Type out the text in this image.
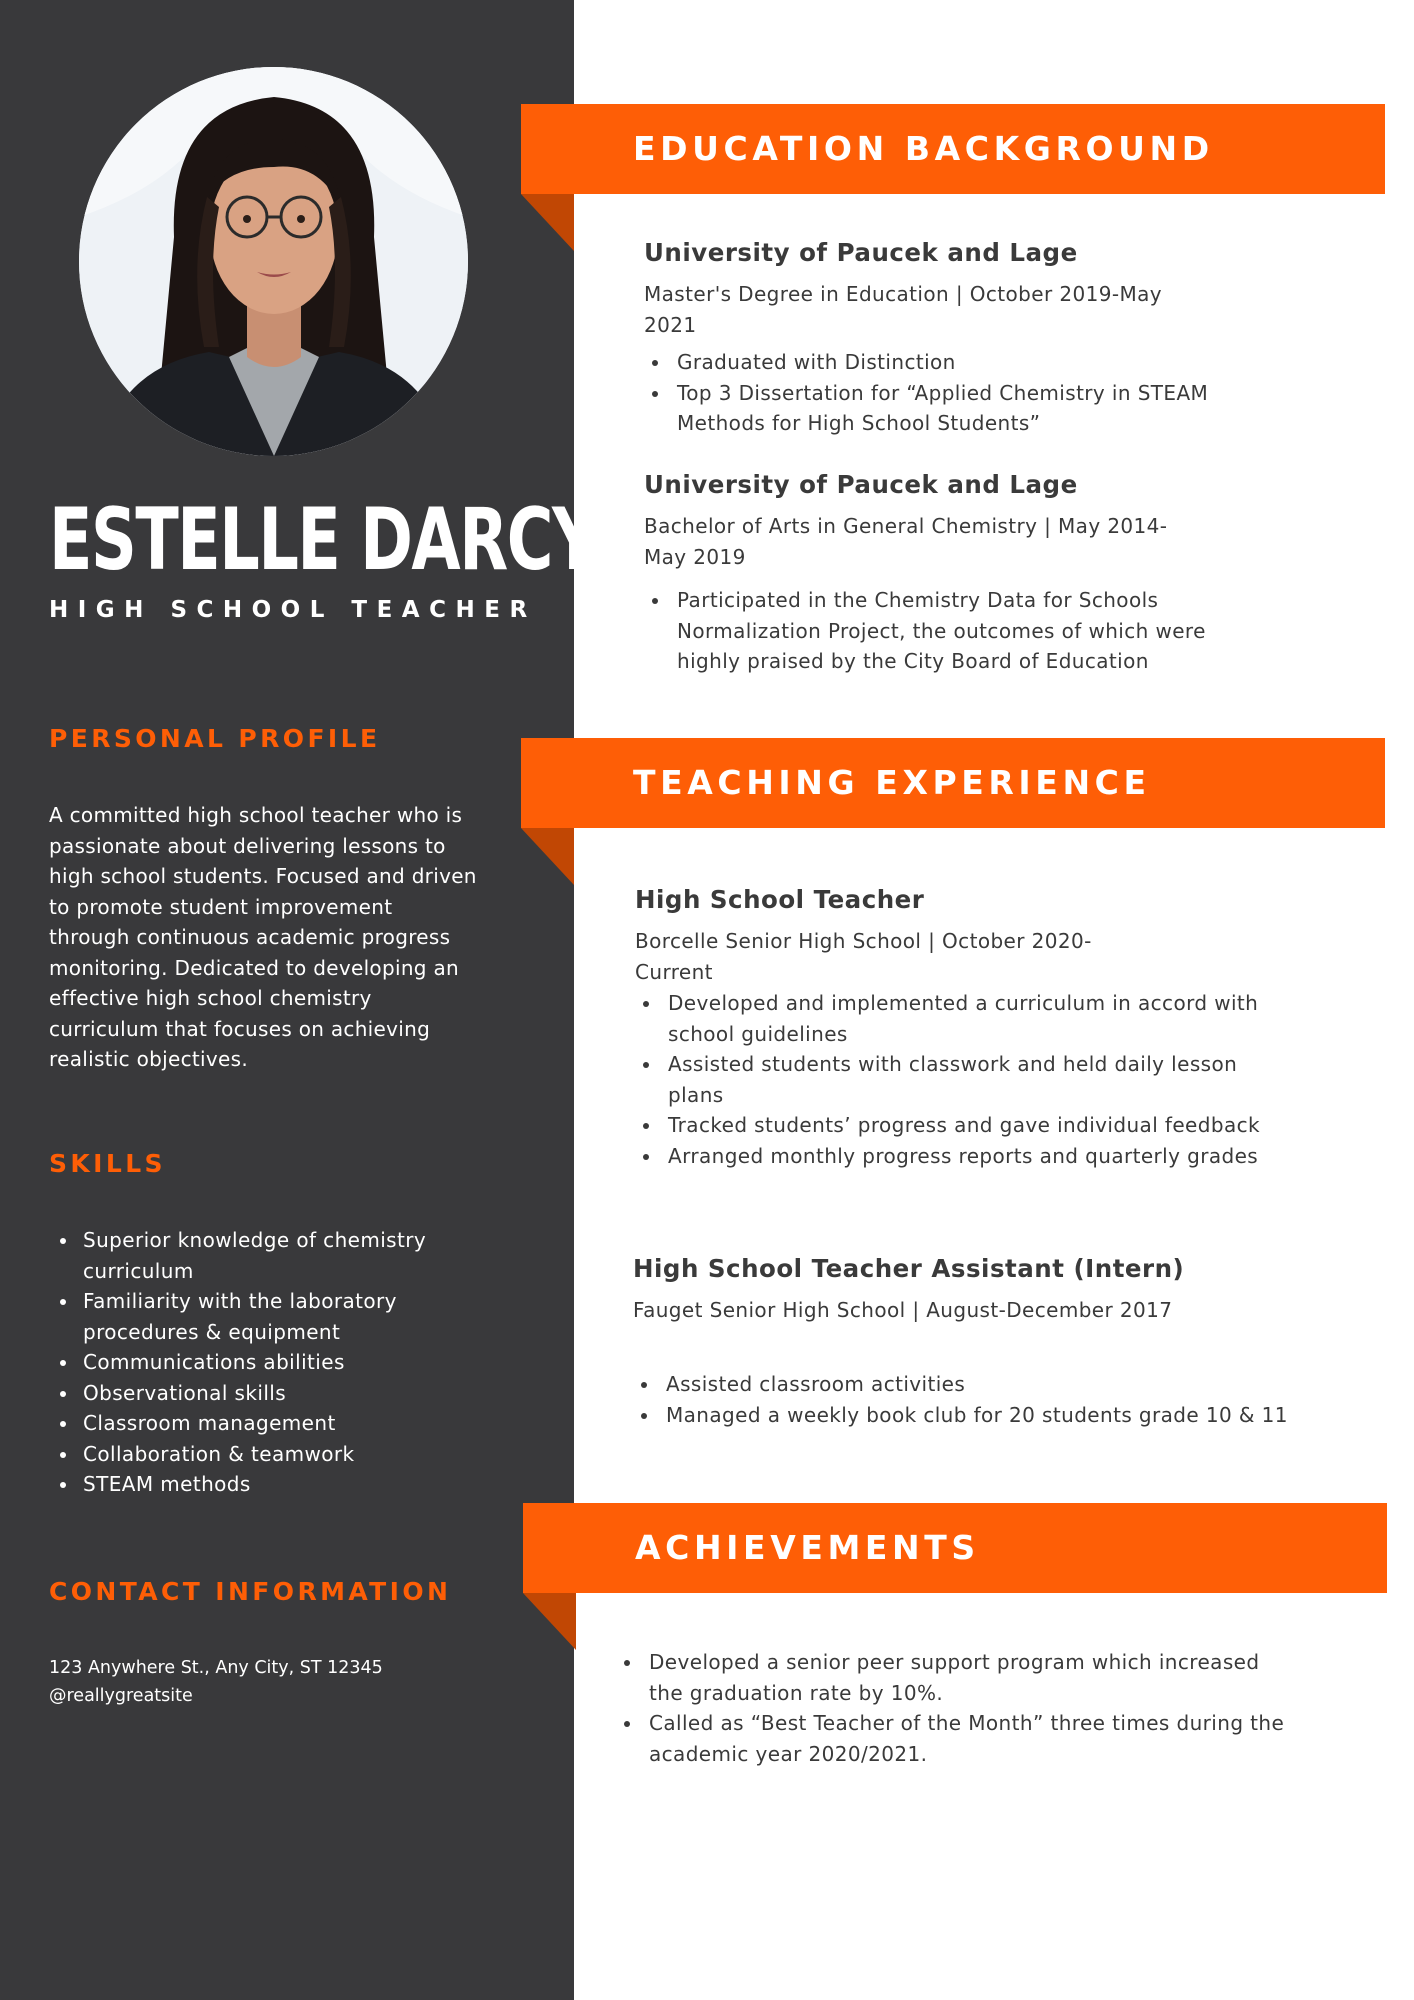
ESTELLE DARCY
HIGH SCHOOL TEACHER
PERSONAL PROFILE

A committed high school teacher who is passionate about delivering lessons to high school students. Focused and driven to promote student improvement through continuous academic progress monitoring. Dedicated to developing an effective high school chemistry curriculum that focuses on achieving realistic objectives.

SKILLS
Superior knowledge of chemistry curriculum
Familiarity with the laboratory procedures & equipment
Communications abilities
Observational skills
Classroom management
Collaboration & teamwork
STEAM methods
CONTACT INFORMATION
123 Anywhere St., Any City, ST 12345
@reallygreatsite
EDUCATION BACKGROUND
University of Paucek and Lage
Master's Degree in Education | October 2019-May 2021
Graduated with Distinction
Top 3 Dissertation for “Applied Chemistry in STEAM Methods for High School Students”
University of Paucek and Lage
Bachelor of Arts in General Chemistry | May 2014-May 2019
Participated in the Chemistry Data for Schools Normalization Project, the outcomes of which were highly praised by the City Board of Education
TEACHING EXPERIENCE
High School Teacher
Borcelle Senior High School | October 2020-Current
Developed and implemented a curriculum in accord with school guidelines
Assisted students with classwork and held daily lesson plans
Tracked students’ progress and gave individual feedback
Arranged monthly progress reports and quarterly grades
High School Teacher Assistant (Intern)
Fauget Senior High School | August-December 2017
Assisted classroom activities
Managed a weekly book club for 20 students grade 10 & 11
ACHIEVEMENTS
Developed a senior peer support program which increased the graduation rate by 10%.
Called as “Best Teacher of the Month” three times during the academic year 2020/2021.
